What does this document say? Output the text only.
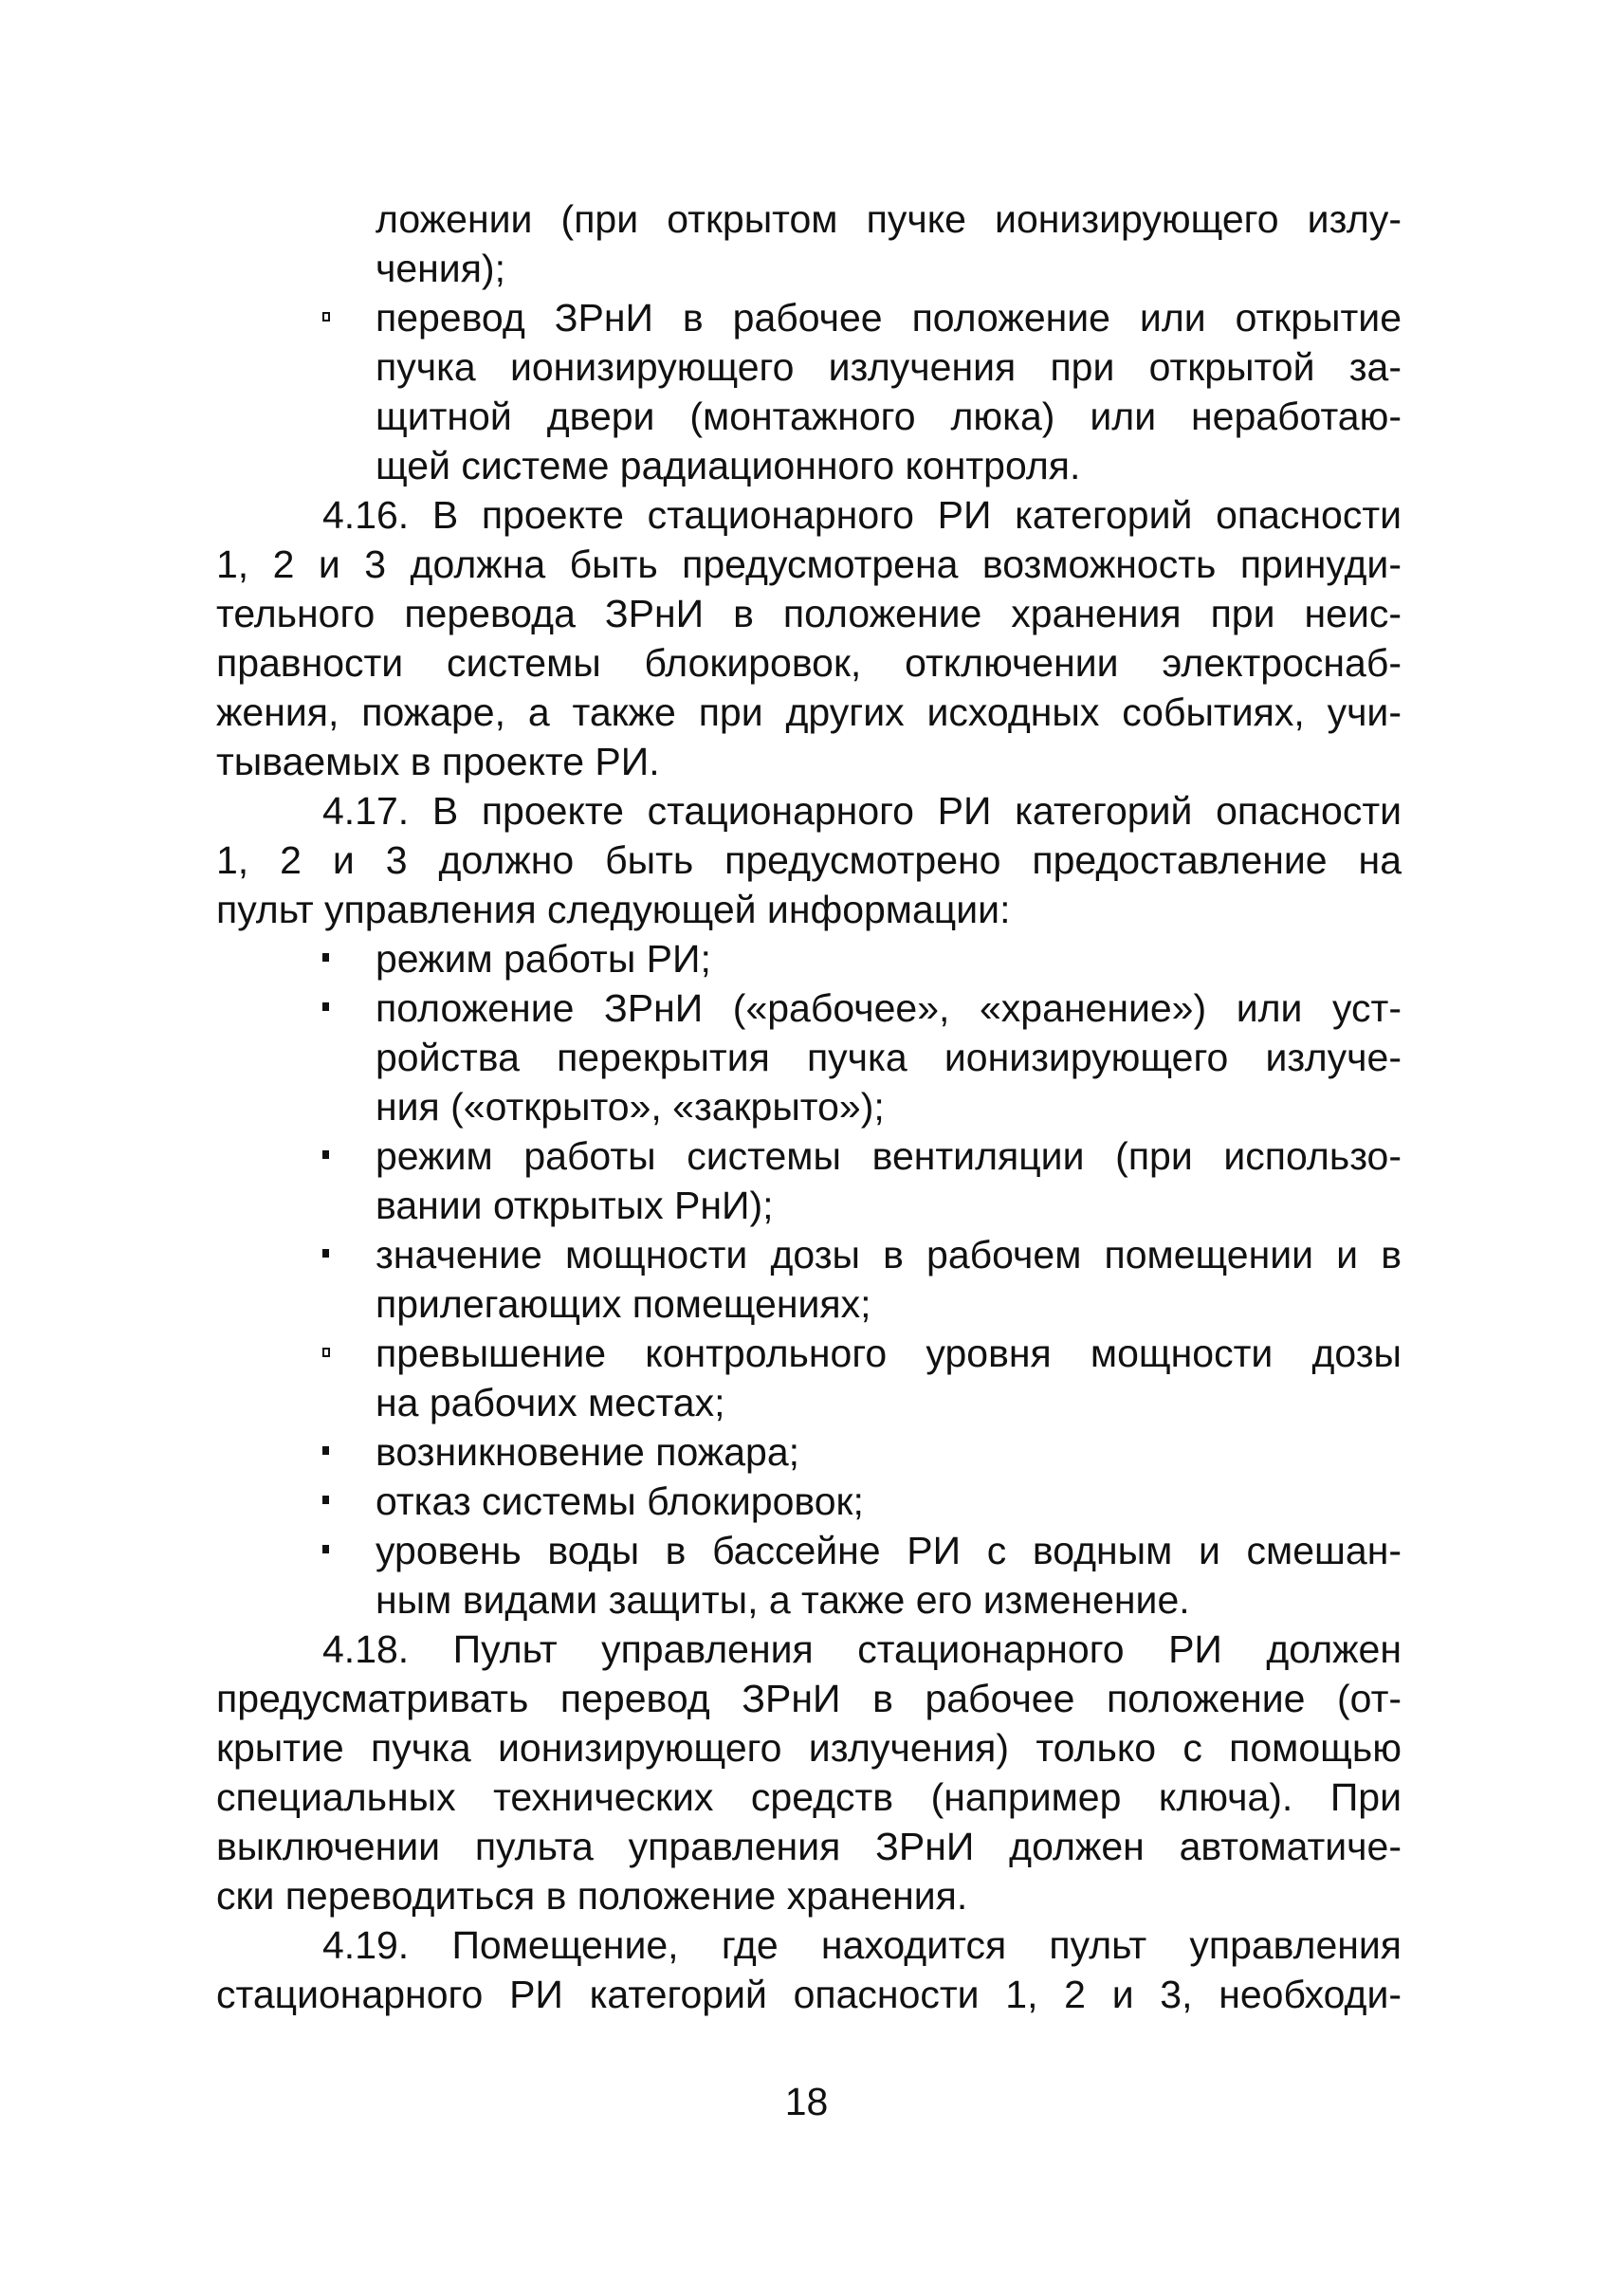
ложении (при открытом пучке ионизирующего излу-
чения);
перевод ЗРнИ в рабочее положение или открытие
пучка ионизирующего излучения при открытой за-
щитной двери (монтажного люка) или неработаю-
щей системе радиационного контроля.
4.16. В проекте стационарного РИ категорий опасности
1, 2 и 3 должна быть предусмотрена возможность принуди-
тельного перевода ЗРнИ в положение хранения при неис-
правности системы блокировок, отключении электроснаб-
жения, пожаре, а также при других исходных событиях, учи-
тываемых в проекте РИ.
4.17. В проекте стационарного РИ категорий опасности
1, 2 и 3 должно быть предусмотрено предоставление на
пульт управления следующей информации:
режим работы РИ;
положение ЗРнИ («рабочее», «хранение») или уст-
ройства перекрытия пучка ионизирующего излуче-
ния («открыто», «закрыто»);
режим работы системы вентиляции (при использо-
вании открытых РнИ);
значение мощности дозы в рабочем помещении и в
прилегающих помещениях;
превышение контрольного уровня мощности дозы
на рабочих местах;
возникновение пожара;
отказ системы блокировок;
уровень воды в бассейне РИ с водным и смешан-
ным видами защиты, а также его изменение.
4.18. Пульт управления стационарного РИ должен
предусматривать перевод ЗРнИ в рабочее положение (от-
крытие пучка ионизирующего излучения) только с помощью
специальных технических средств (например ключа). При
выключении пульта управления ЗРнИ должен автоматиче-
ски переводиться в положение хранения.
4.19. Помещение, где находится пульт управления
стационарного РИ категорий опасности 1, 2 и 3, необходи-
18
